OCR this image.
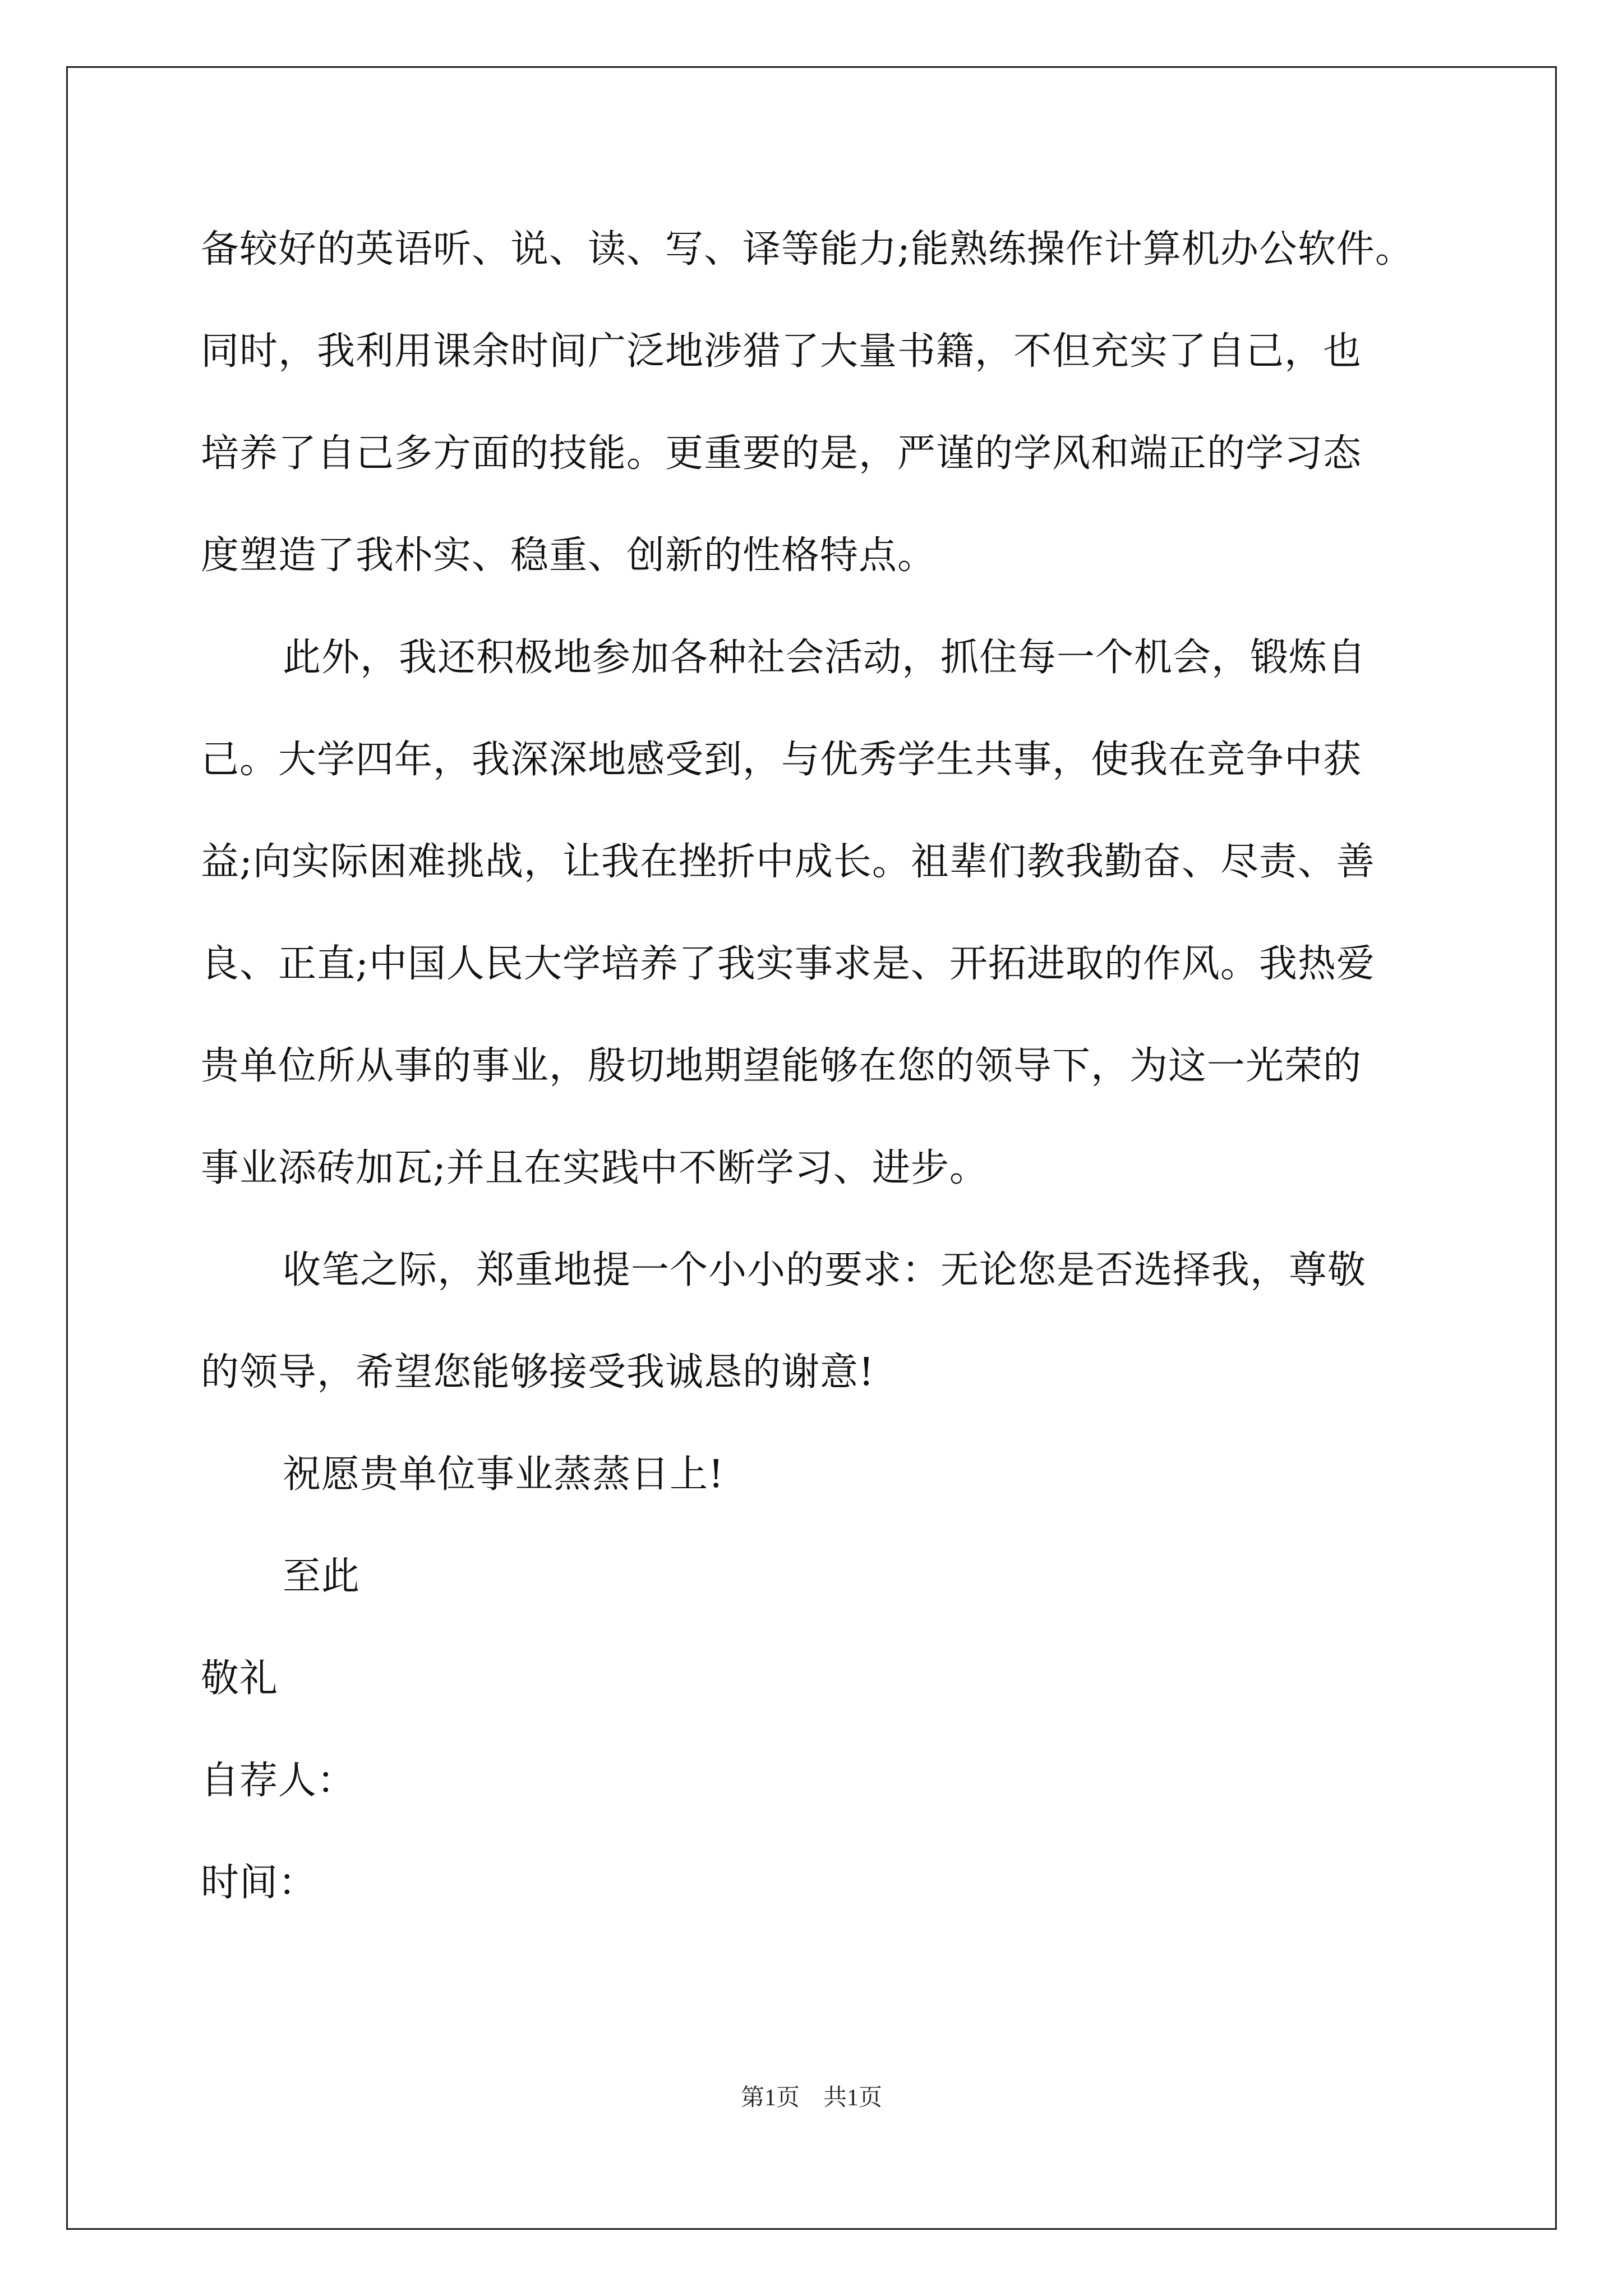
备较好的英语听、说、读、写、译等能力;能熟练操作计算机办公软件。
同时，我利用课余时间广泛地涉猎了大量书籍，不但充实了自己，也
培养了自己多方面的技能。更重要的是，严谨的学风和端正的学习态
度塑造了我朴实、稳重、创新的性格特点。
此外，我还积极地参加各种社会活动，抓住每一个机会，锻炼自
己。大学四年，我深深地感受到，与优秀学生共事，使我在竞争中获
益;向实际困难挑战，让我在挫折中成长。祖辈们教我勤奋、尽责、善
良、正直;中国人民大学培养了我实事求是、开拓进取的作风。我热爱
贵单位所从事的事业，殷切地期望能够在您的领导下，为这一光荣的
事业添砖加瓦;并且在实践中不断学习、进步。
收笔之际，郑重地提一个小小的要求：无论您是否选择我，尊敬
的领导，希望您能够接受我诚恳的谢意!
祝愿贵单位事业蒸蒸日上!
至此
敬礼
自荐人：
时间：
第1页　共1页
